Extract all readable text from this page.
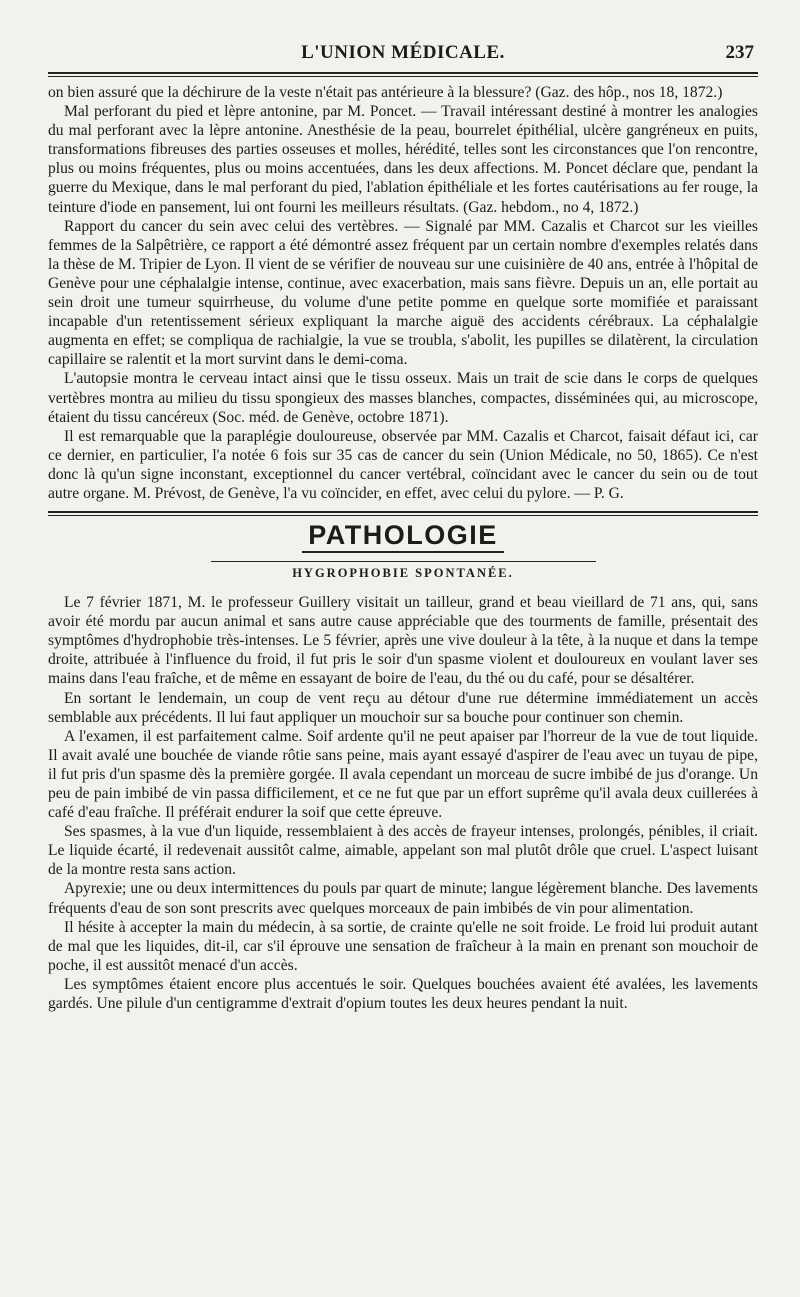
L'UNION MÉDICALE.	237

on bien assuré que la déchirure de la veste n'était pas antérieure à la blessure? (Gaz. des hôp., nos 18, 1872.)

Mal perforant du pied et lèpre antonine, par M. Poncet. — Travail intéressant destiné à montrer les analogies du mal perforant avec la lèpre antonine. Anesthésie de la peau, bourrelet épithélial, ulcère gangréneux en puits, transformations fibreuses des parties osseuses et molles, hérédité, telles sont les circonstances que l'on rencontre, plus ou moins fréquentes, plus ou moins accentuées, dans les deux affections. M. Poncet déclare que, pendant la guerre du Mexique, dans le mal perforant du pied, l'ablation épithéliale et les fortes cautérisations au fer rouge, la teinture d'iode en pansement, lui ont fourni les meilleurs résultats. (Gaz. hebdom., no 4, 1872.)

Rapport du cancer du sein avec celui des vertèbres. — Signalé par MM. Cazalis et Charcot sur les vieilles femmes de la Salpêtrière, ce rapport a été démontré assez fréquent par un certain nombre d'exemples relatés dans la thèse de M. Tripier de Lyon. Il vient de se vérifier de nouveau sur une cuisinière de 40 ans, entrée à l'hôpital de Genève pour une céphalalgie intense, continue, avec exacerbation, mais sans fièvre. Depuis un an, elle portait au sein droit une tumeur squirrheuse, du volume d'une petite pomme en quelque sorte momifiée et paraissant incapable d'un retentissement sérieux expliquant la marche aiguë des accidents cérébraux. La céphalalgie augmenta en effet; se compliqua de rachialgie, la vue se troubla, s'abolit, les pupilles se dilatèrent, la circulation capillaire se ralentit et la mort survint dans le demi-coma.

L'autopsie montra le cerveau intact ainsi que le tissu osseux. Mais un trait de scie dans le corps de quelques vertèbres montra au milieu du tissu spongieux des masses blanches, compactes, disséminées qui, au microscope, étaient du tissu cancéreux (Soc. méd. de Genève, octobre 1871).

Il est remarquable que la paraplégie douloureuse, observée par MM. Cazalis et Charcot, faisait défaut ici, car ce dernier, en particulier, l'a notée 6 fois sur 35 cas de cancer du sein (Union Médicale, no 50, 1865). Ce n'est donc là qu'un signe inconstant, exceptionnel du cancer vertébral, coïncidant avec le cancer du sein ou de tout autre organe. M. Prévost, de Genève, l'a vu coïncider, en effet, avec celui du pylore. — P. G.

PATHOLOGIE
HYGROPHOBIE SPONTANÉE.

Le 7 février 1871, M. le professeur Guillery visitait un tailleur, grand et beau vieillard de 71 ans, qui, sans avoir été mordu par aucun animal et sans autre cause appréciable que des tourments de famille, présentait des symptômes d'hydrophobie très-intenses. Le 5 février, après une vive douleur à la tête, à la nuque et dans la tempe droite, attribuée à l'influence du froid, il fut pris le soir d'un spasme violent et douloureux en voulant laver ses mains dans l'eau fraîche, et de même en essayant de boire de l'eau, du thé ou du café, pour se désaltérer.

En sortant le lendemain, un coup de vent reçu au détour d'une rue détermine immédiatement un accès semblable aux précédents. Il lui faut appliquer un mouchoir sur sa bouche pour continuer son chemin.

A l'examen, il est parfaitement calme. Soif ardente qu'il ne peut apaiser par l'horreur de la vue de tout liquide. Il avait avalé une bouchée de viande rôtie sans peine, mais ayant essayé d'aspirer de l'eau avec un tuyau de pipe, il fut pris d'un spasme dès la première gorgée. Il avala cependant un morceau de sucre imbibé de jus d'orange. Un peu de pain imbibé de vin passa difficilement, et ce ne fut que par un effort suprême qu'il avala deux cuillerées à café d'eau fraîche. Il préférait endurer la soif que cette épreuve.

Ses spasmes, à la vue d'un liquide, ressemblaient à des accès de frayeur intenses, prolongés, pénibles, il criait. Le liquide écarté, il redevenait aussitôt calme, aimable, appelant son mal plutôt drôle que cruel. L'aspect luisant de la montre resta sans action.

Apyrexie; une ou deux intermittences du pouls par quart de minute; langue légèrement blanche. Des lavements fréquents d'eau de son sont prescrits avec quelques morceaux de pain imbibés de vin pour alimentation.

Il hésite à accepter la main du médecin, à sa sortie, de crainte qu'elle ne soit froide. Le froid lui produit autant de mal que les liquides, dit-il, car s'il éprouve une sensation de fraîcheur à la main en prenant son mouchoir de poche, il est aussitôt menacé d'un accès.

Les symptômes étaient encore plus accentués le soir. Quelques bouchées avaient été avalées, les lavements gardés. Une pilule d'un centigramme d'extrait d'opium toutes les deux heures pendant la nuit.
